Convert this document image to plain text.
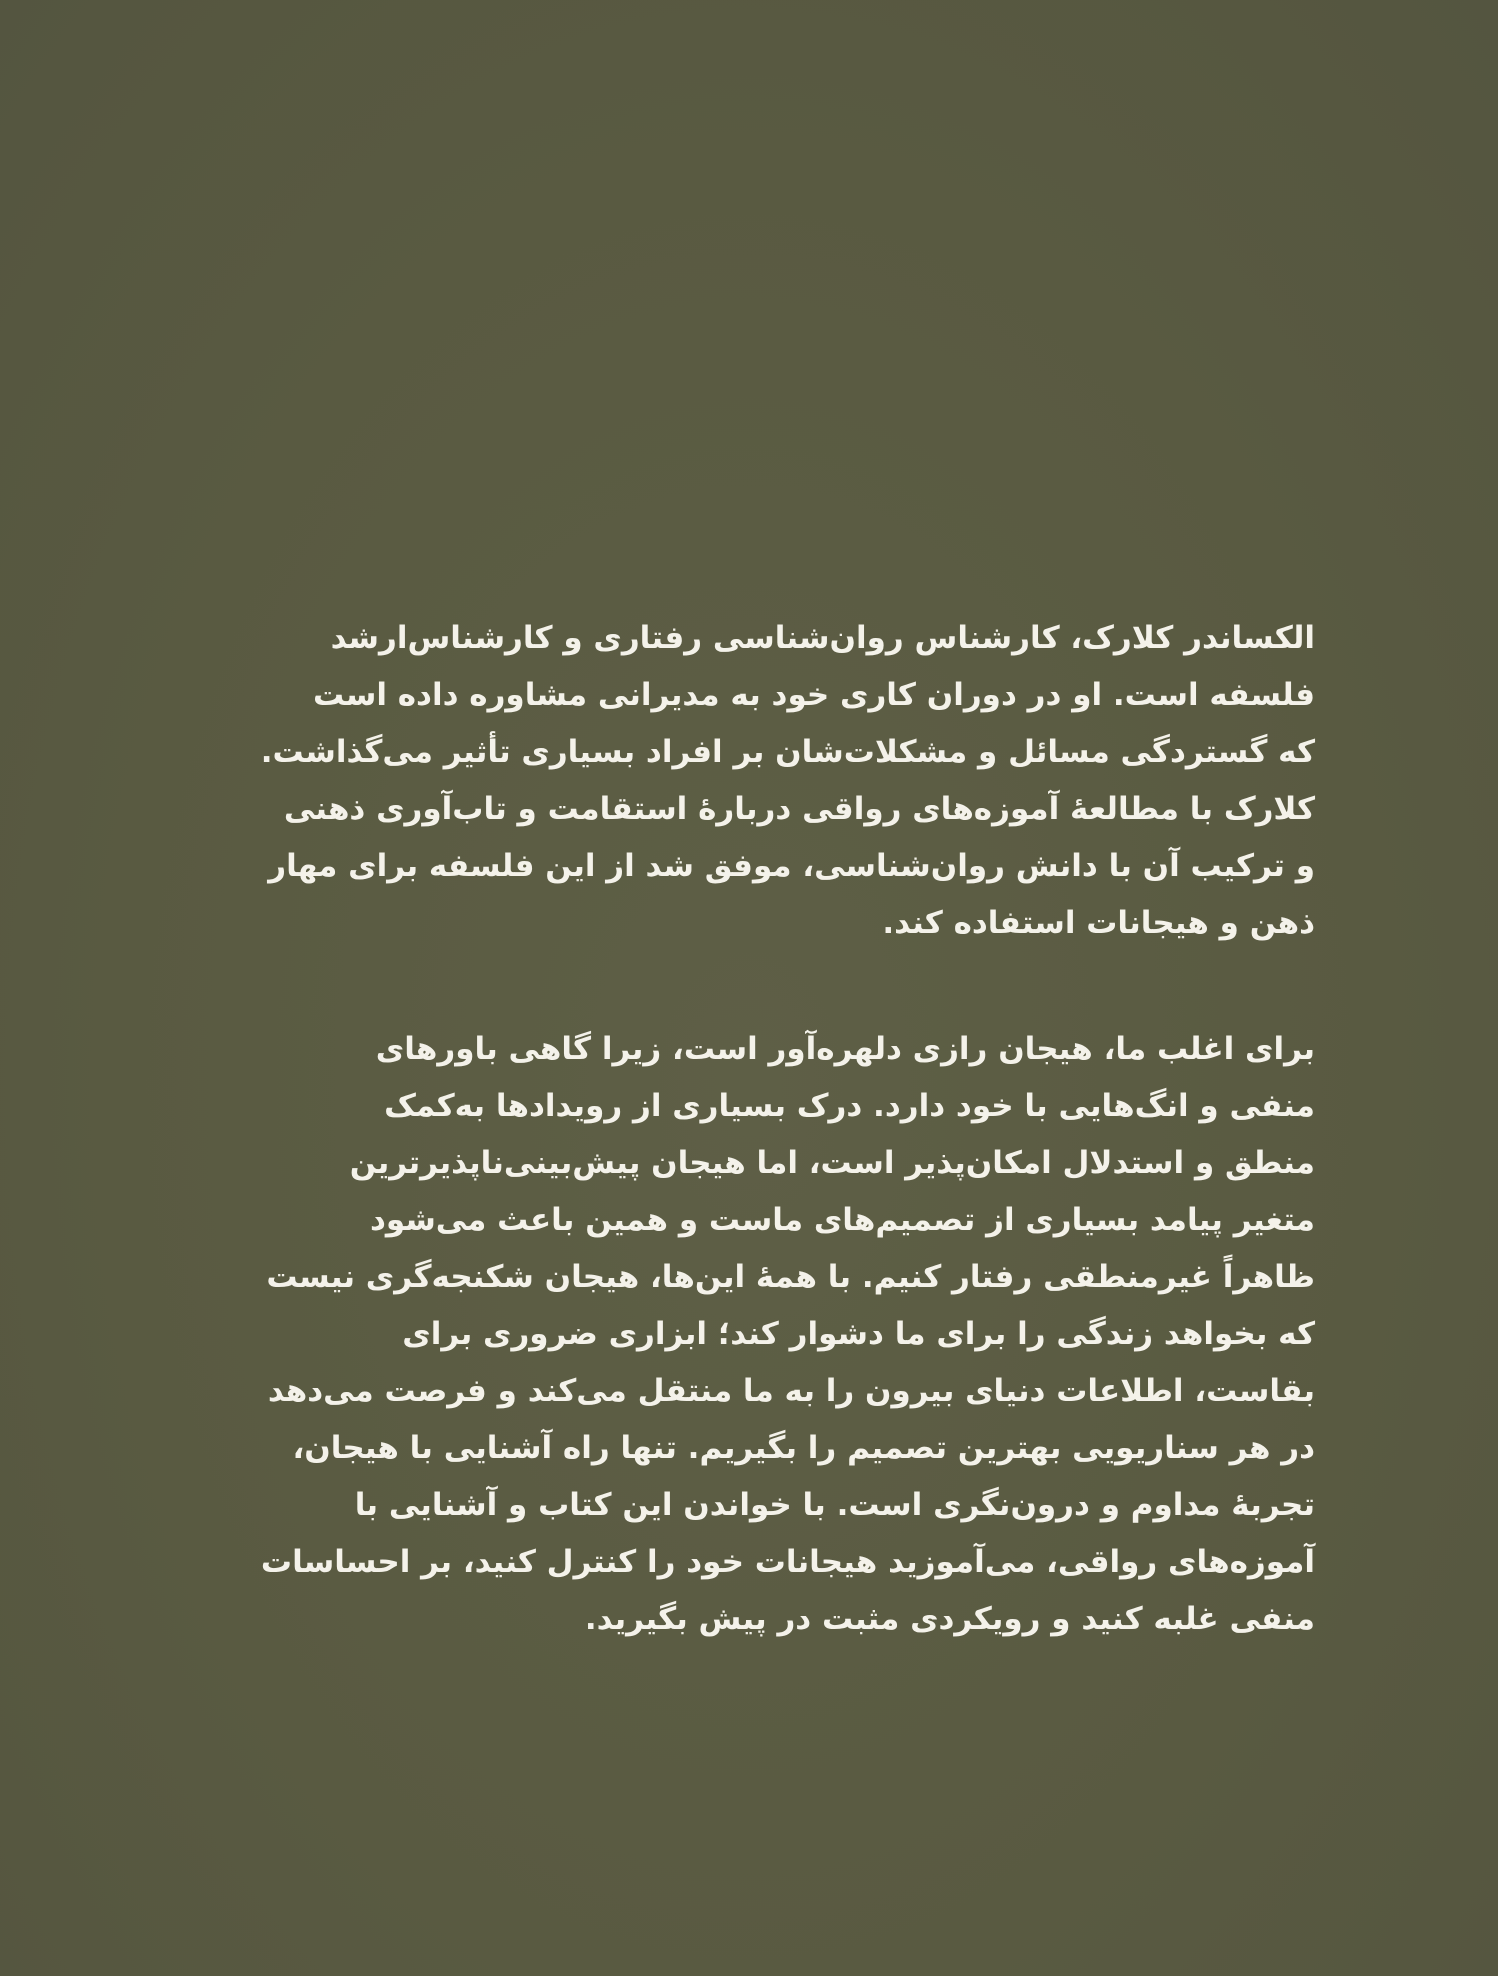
الکساندر کلارک، کارشناس روان‌شناسی رفتاری و کارشناس‌ارشد
فلسفه است. او در دوران کاری خود به مدیرانی مشاوره داده است
که گستردگی مسائل و مشکلات‌شان بر افراد بسیاری تأثیر می‌گذاشت.
کلارک با مطالعهٔ آموزه‌های رواقی دربارهٔ استقامت و تاب‌آوری ذهنی
و ترکیب آن با دانش روان‌شناسی، موفق شد از این فلسفه برای مهار
ذهن و هیجانات استفاده کند.
برای اغلب ما، هیجان رازی دلهره‌آور است، زیرا گاهی باورهای
منفی و انگ‌هایی با خود دارد. درک بسیاری از رویدادها به‌کمک
منطق و استدلال امکان‌پذیر است، اما هیجان پیش‌بینی‌ناپذیرترین
متغیر پیامد بسیاری از تصمیم‌های ماست و همین باعث می‌شود
ظاهراً غیرمنطقی رفتار کنیم. با همهٔ این‌ها، هیجان شکنجه‌گری نیست
که بخواهد زندگی را برای ما دشوار کند؛ ابزاری ضروری برای
بقاست، اطلاعات دنیای بیرون را به ما منتقل می‌کند و فرصت می‌دهد
در هر سناریویی بهترین تصمیم را بگیریم. تنها راه آشنایی با هیجان،
تجربهٔ مداوم و درون‌نگری است. با خواندن این کتاب و آشنایی با
آموزه‌های رواقی، می‌آموزید هیجانات خود را کنترل کنید، بر احساسات
منفی غلبه کنید و رویکردی مثبت در پیش بگیرید.
